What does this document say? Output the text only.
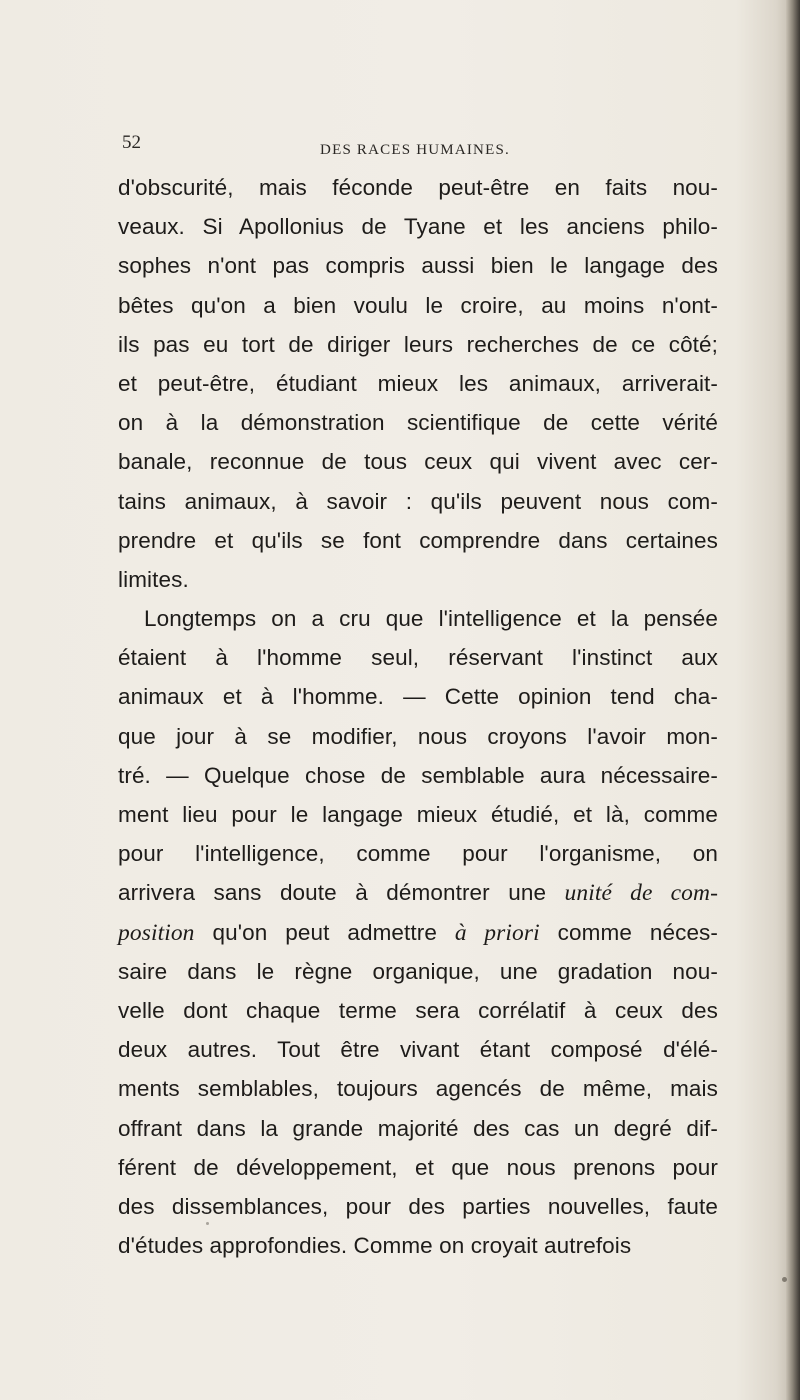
52	DES RACES HUMAINES.
d'obscurité, mais féconde peut-être en faits nou-
veaux. Si Apollonius de Tyane et les anciens philo-
sophes n'ont pas compris aussi bien le langage des
bêtes qu'on a bien voulu le croire, au moins n'ont-
ils pas eu tort de diriger leurs recherches de ce côté;
et peut-être, étudiant mieux les animaux, arriverait-
on à la démonstration scientifique de cette vérité
banale, reconnue de tous ceux qui vivent avec cer-
tains animaux, à savoir : qu'ils peuvent nous com-
prendre et qu'ils se font comprendre dans certaines
limites.
Longtemps on a cru que l'intelligence et la pensée
étaient à l'homme seul, réservant l'instinct aux
animaux et à l'homme. — Cette opinion tend cha-
que jour à se modifier, nous croyons l'avoir mon-
tré. — Quelque chose de semblable aura nécessaire-
ment lieu pour le langage mieux étudié, et là, comme
pour l'intelligence, comme pour l'organisme, on
arrivera sans doute à démontrer une unité de com-
position qu'on peut admettre à priori comme néces-
saire dans le règne organique, une gradation nou-
velle dont chaque terme sera corrélatif à ceux des
deux autres. Tout être vivant étant composé d'élé-
ments semblables, toujours agencés de même, mais
offrant dans la grande majorité des cas un degré dif-
férent de développement, et que nous prenons pour
des dissemblances, pour des parties nouvelles, faute
d'études approfondies. Comme on croyait autrefois
